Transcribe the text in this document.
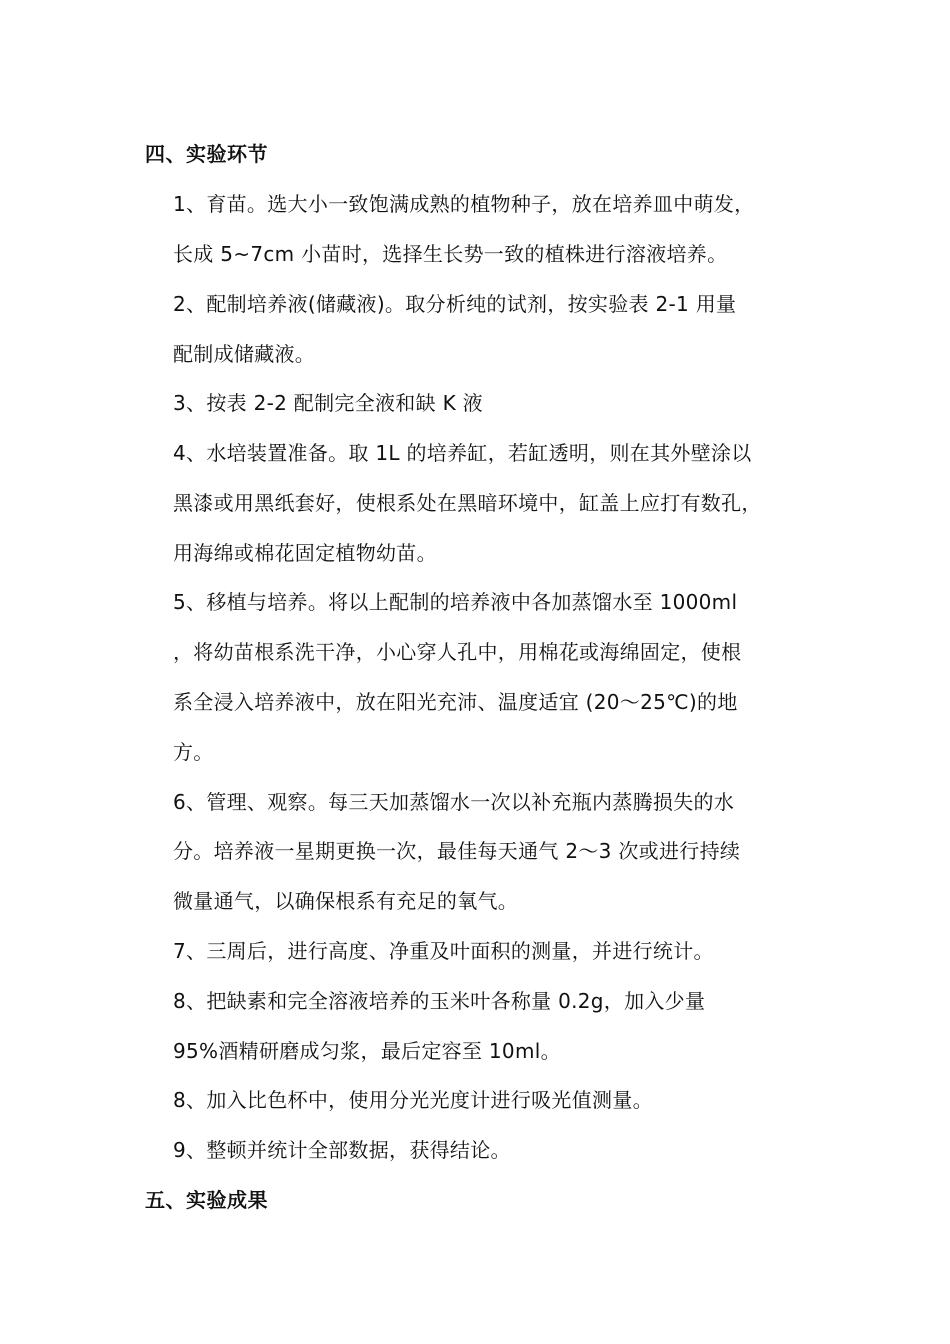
四、实验环节
1、育苗。选大小一致饱满成熟的植物种子，放在培养皿中萌发，
长成 5~7cm 小苗时，选择生长势一致的植株进行溶液培养。
2、配制培养液(储藏液)。取分析纯的试剂，按实验表 2-1 用量
配制成储藏液。
3、按表 2-2 配制完全液和缺 K 液
4、水培装置准备。取 1L 的培养缸，若缸透明，则在其外壁涂以
黑漆或用黑纸套好，使根系处在黑暗环境中，缸盖上应打有数孔，
用海绵或棉花固定植物幼苗。
5、移植与培养。将以上配制的培养液中各加蒸馏水至 1000ml
，将幼苗根系洗干净，小心穿人孔中，用棉花或海绵固定，使根
系全浸入培养液中，放在阳光充沛、温度适宜 (20～25℃)的地
方。
6、管理、观察。每三天加蒸馏水一次以补充瓶内蒸腾损失的水
分。培养液一星期更换一次，最佳每天通气 2～3 次或进行持续
微量通气，以确保根系有充足的氧气。
7、三周后，进行高度、净重及叶面积的测量，并进行统计。
8、把缺素和完全溶液培养的玉米叶各称量 0.2g，加入少量
95%酒精研磨成匀浆，最后定容至 10ml。
8、加入比色杯中，使用分光光度计进行吸光值测量。
9、整顿并统计全部数据，获得结论。
五、实验成果
